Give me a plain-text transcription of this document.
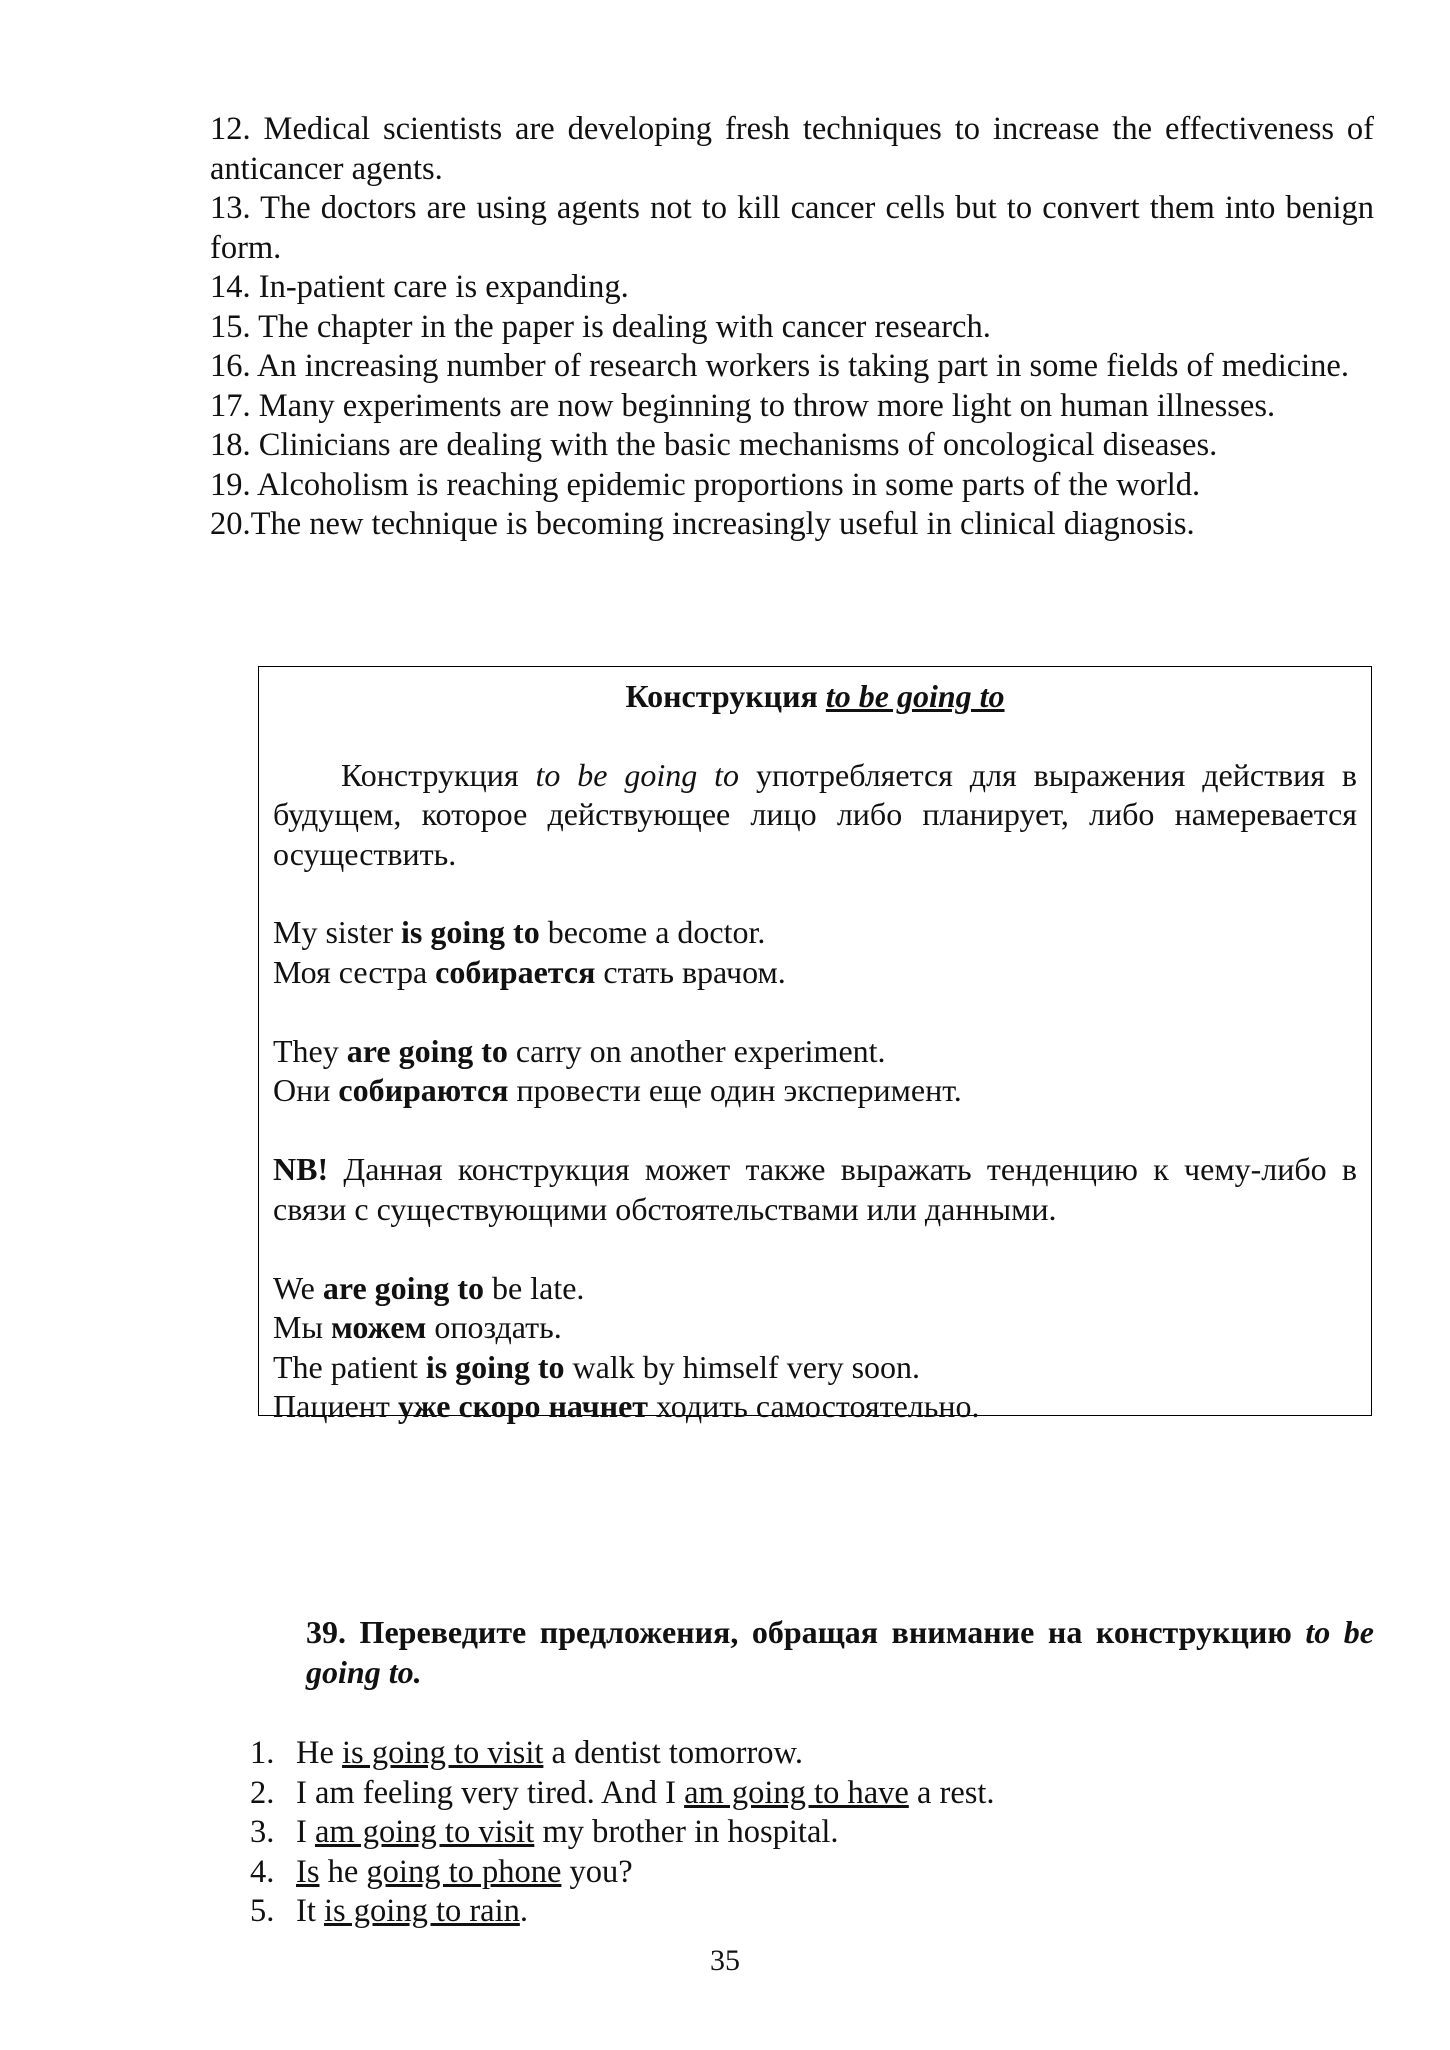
12. Medical scientists are developing fresh techniques to increase the effectiveness of anticancer agents.

13. The doctors are using agents not to kill cancer cells but to convert them into benign form.

14. In-patient care is expanding.

15. The chapter in the paper is dealing with cancer research.

16. An increasing number of research workers is taking part in some fields of medicine.

17. Many experiments are now beginning to throw more light on human illnesses.

18. Clinicians are dealing with the basic mechanisms of oncological diseases.

19. Alcoholism is reaching epidemic proportions in some parts of the world.

20.The new technique is becoming increasingly useful in clinical diagnosis.

Конструкция to be going to

Конструкция to be going to употребляется для выражения действия в будущем, которое действующее лицо либо планирует, либо намеревается осуществить.

My sister is going to become a doctor.

Моя сестра собирается стать врачом.

They are going to carry on another experiment.

Они собираются провести еще один эксперимент.

NB! Данная конструкция может также выражать тенденцию к чему-либо в связи с существующими обстоятельствами или данными.

We are going to be late.

Мы можем опоздать.

The patient is going to walk by himself very soon.

Пациент уже скоро начнет ходить самостоятельно.

39. Переведите предложения, обращая внимание на конструкцию to be going to.
1. He is going to visit a dentist tomorrow.
2. I am feeling very tired. And I am going to have a rest.
3. I am going to visit my brother in hospital.
4. Is he going to phone you?
5. It is going to rain.
35
